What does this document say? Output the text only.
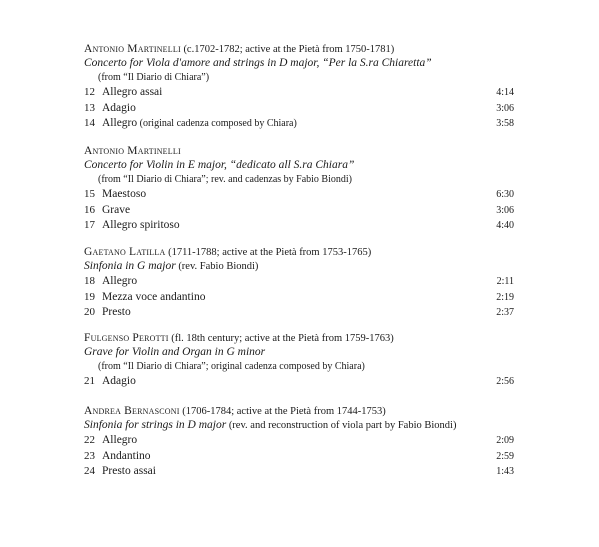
Antonio Martinelli (c.1702-1782; active at the Pietà from 1750-1781)
Concerto for Viola d'amore and strings in D major, “Per la S.ra Chiaretta”
(from “Il Diario di Chiara”)
12 Allegro assai	4:14
13 Adagio	3:06
14 Allegro (original cadenza composed by Chiara)	3:58
Antonio Martinelli
Concerto for Violin in E major, “dedicato all S.ra Chiara”
(from “Il Diario di Chiara”; rev. and cadenzas by Fabio Biondi)
15 Maestoso	6:30
16 Grave	3:06
17 Allegro spiritoso	4:40
Gaetano Latilla (1711-1788; active at the Pietà from 1753-1765)
Sinfonia in G major (rev. Fabio Biondi)
18 Allegro	2:11
19 Mezza voce andantino	2:19
20 Presto	2:37
Fulgenso Perotti (fl. 18th century; active at the Pietà from 1759-1763)
Grave for Violin and Organ in G minor
(from “Il Diario di Chiara”; original cadenza composed by Chiara)
21 Adagio	2:56
Andrea Bernasconi (1706-1784; active at the Pietà from 1744-1753)
Sinfonia for strings in D major (rev. and reconstruction of viola part by Fabio Biondi)
22 Allegro	2:09
23 Andantino	2:59
24 Presto assai	1:43
